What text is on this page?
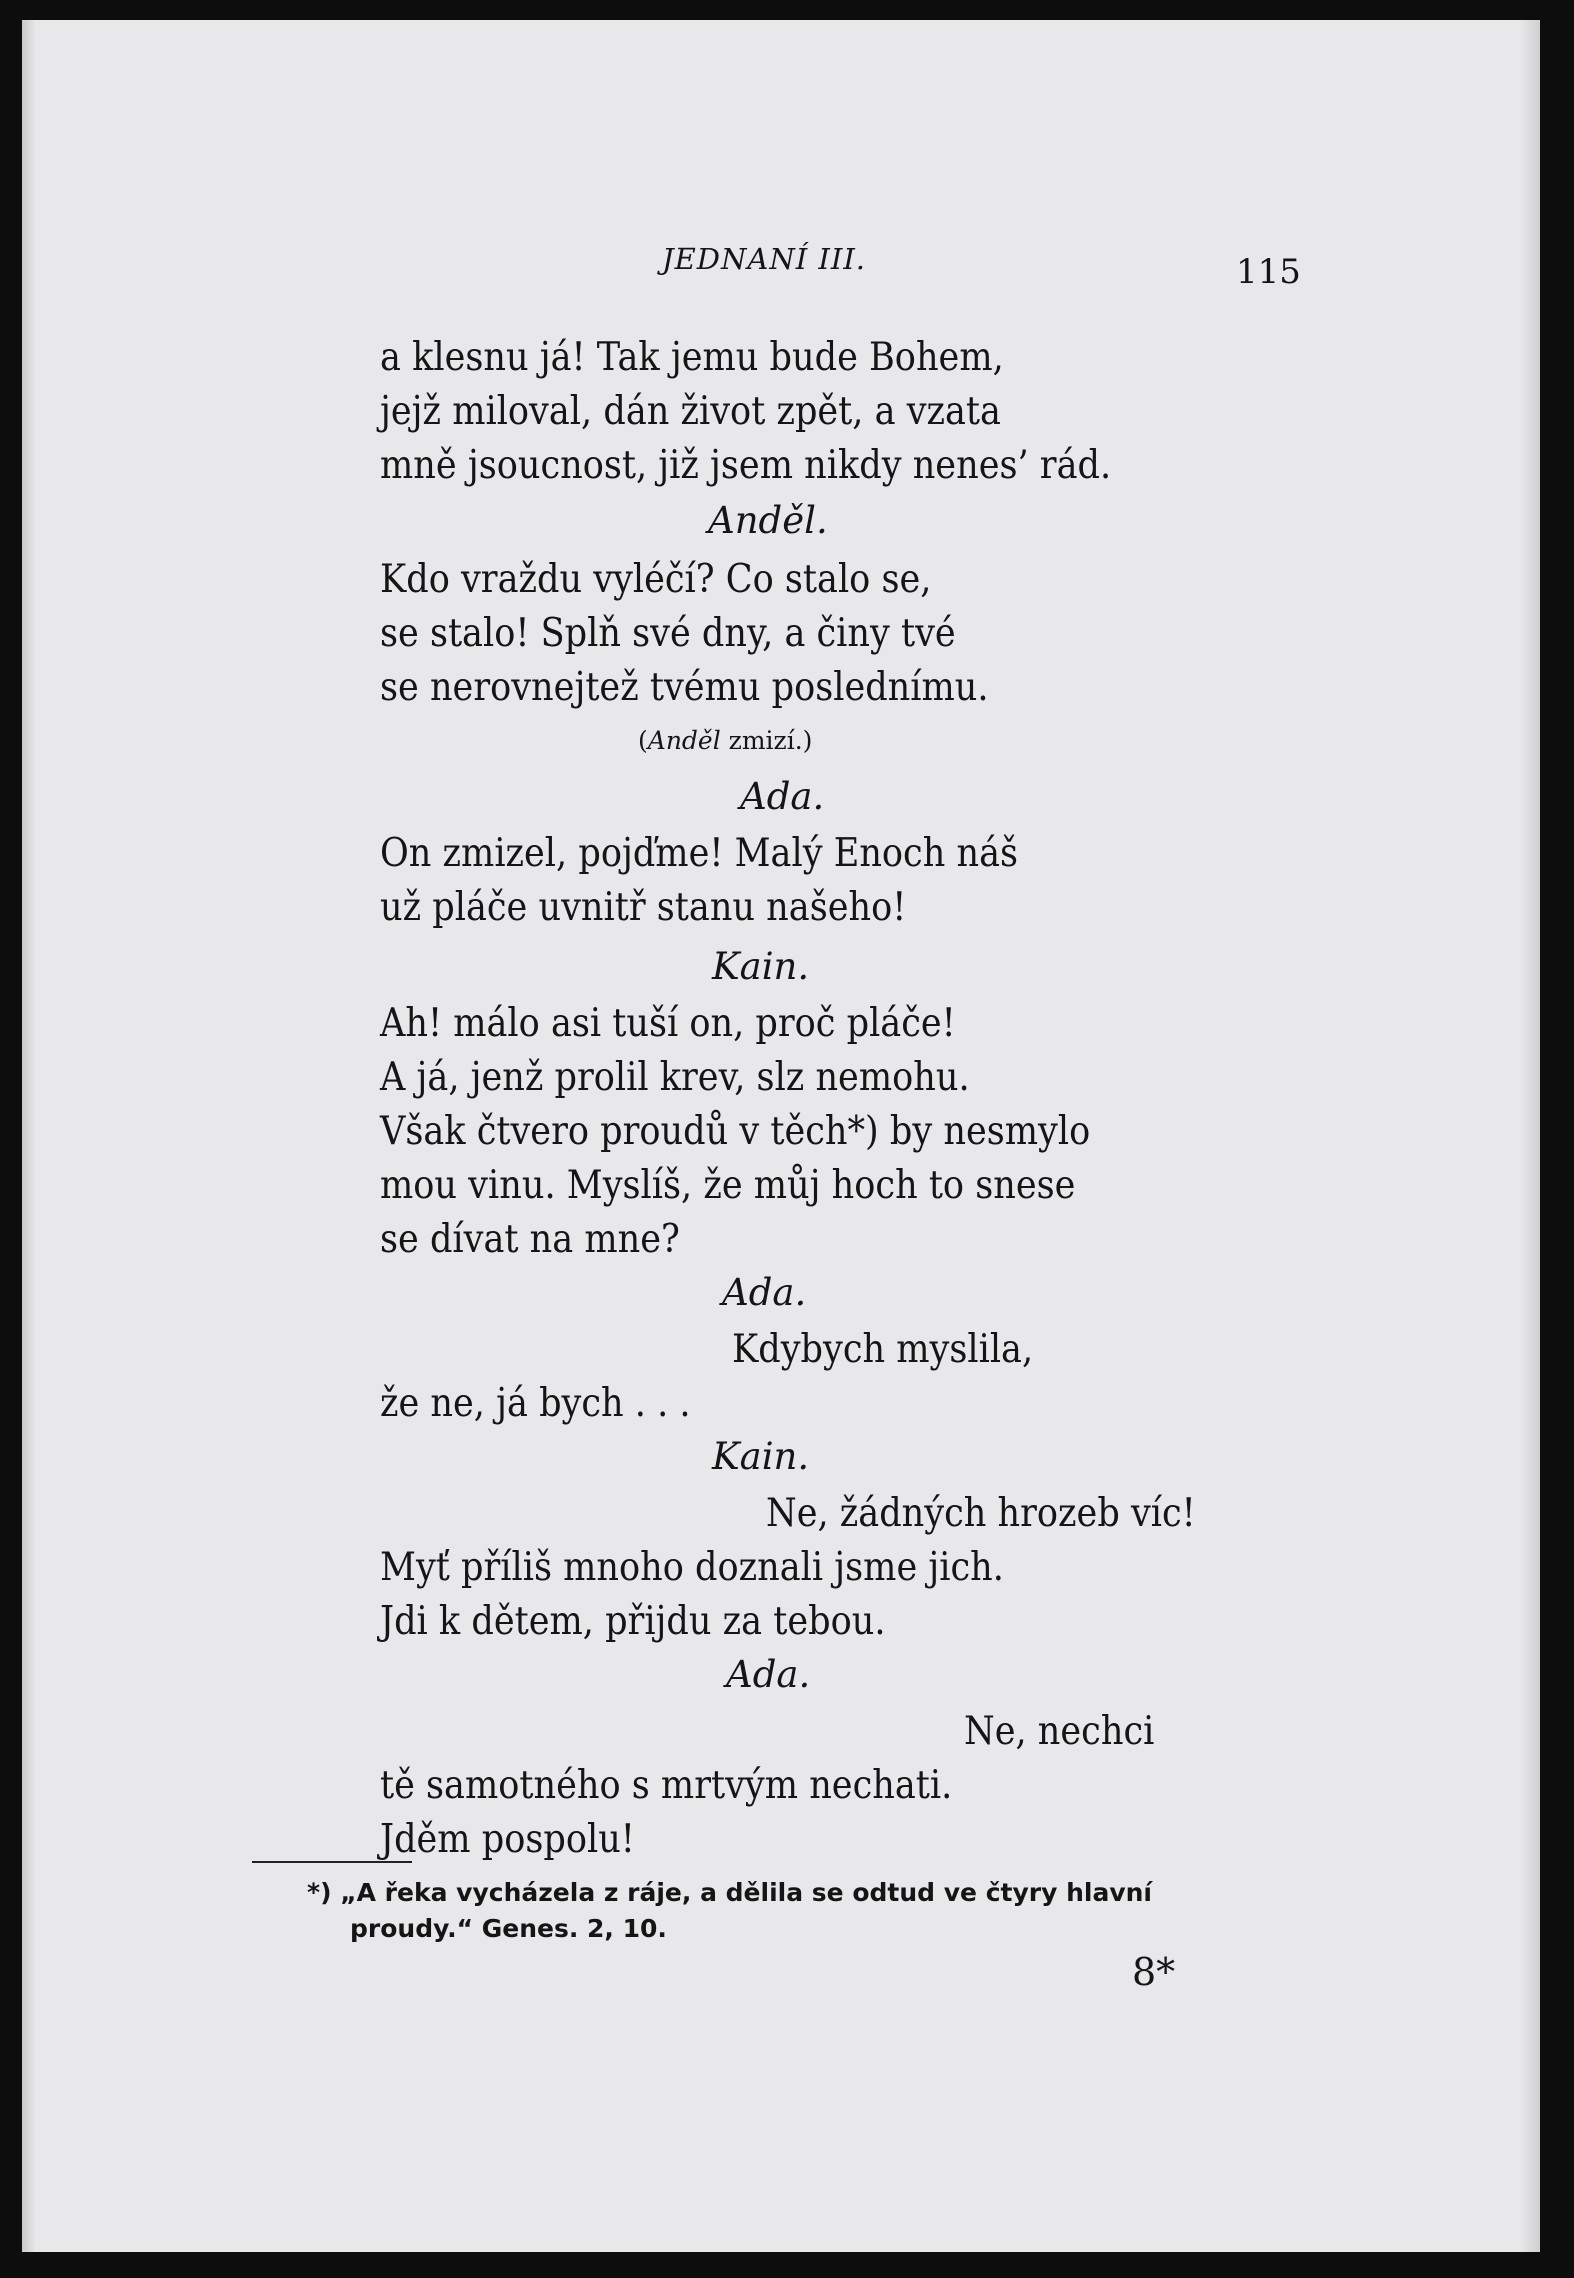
JEDNANÍ III.	115
a klesnu já! Tak jemu bude Bohem,
jejž miloval, dán život zpět, a vzata
mně jsoucnost, již jsem nikdy nenes’ rád.
Anděl.
Kdo vraždu vyléčí? Co stalo se,
se stalo! Splň své dny, a činy tvé
se nerovnejtež tvému poslednímu.
(Anděl zmizí.)
Ada.
On zmizel, pojďme! Malý Enoch náš
už pláče uvnitř stanu našeho!
Kain.
Ah! málo asi tuší on, proč pláče!
A já, jenž prolil krev, slz nemohu.
Však čtvero proudů v těch*) by nesmylo
mou vinu. Myslíš, že můj hoch to snese
se dívat na mne?
Ada.
Kdybych myslila,
že ne, já bych . . .
Kain.
Ne, žádných hrozeb víc!
Myť příliš mnoho doznali jsme jich.
Jdi k dětem, přijdu za tebou.
Ada.
Ne, nechci
tě samotného s mrtvým nechati.
Jděm pospolu!
*) „A řeka vycházela z ráje, a dělila se odtud ve čtyry hlavní
proudy.“ Genes. 2, 10.
8*
